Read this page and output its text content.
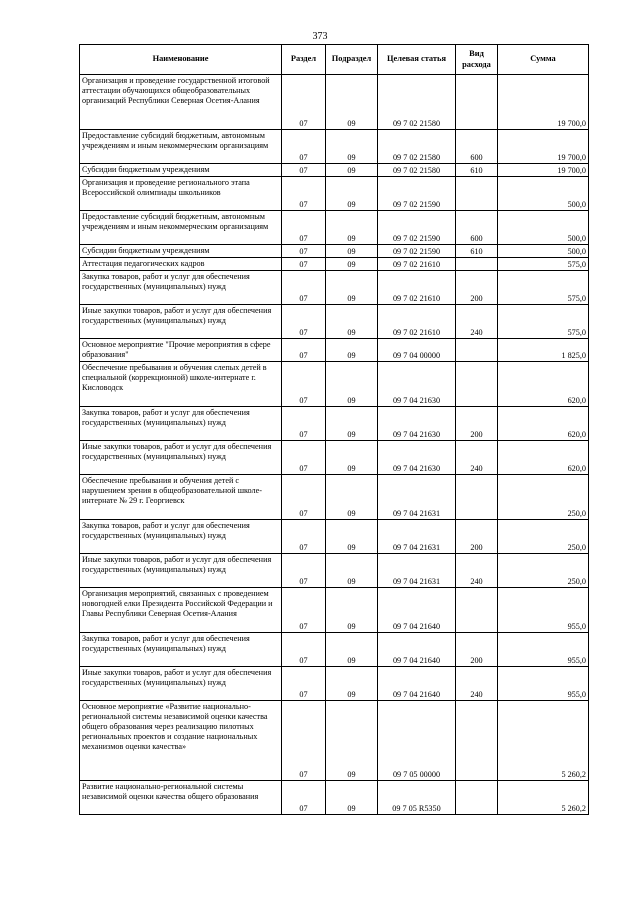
373
Наименование	Раздел	Подраздел	Целевая статья	Вид расхода	Сумма
Организация и проведение государственной итоговой аттестации обучающихся общеобразовательных организаций Республики Северная Осетия-Алания	07	09	09 7 02 21580		19 700,0
Предоставление субсидий бюджетным, автономным учреждениям и иным некоммерческим организациям	07	09	09 7 02 21580	600	19 700,0
Субсидии бюджетным учреждениям	07	09	09 7 02 21580	610	19 700,0
Организация и проведение регионального этапа Всероссийской олимпиады школьников	07	09	09 7 02 21590		500,0
Предоставление субсидий бюджетным, автономным учреждениям и иным некоммерческим организациям	07	09	09 7 02 21590	600	500,0
Субсидии бюджетным учреждениям	07	09	09 7 02 21590	610	500,0
Аттестация педагогических кадров	07	09	09 7 02 21610		575,0
Закупка товаров, работ и услуг для обеспечения государственных (муниципальных) нужд	07	09	09 7 02 21610	200	575,0
Иные закупки товаров, работ и услуг для обеспечения государственных (муниципальных) нужд	07	09	09 7 02 21610	240	575,0
Основное мероприятие "Прочие мероприятия в сфере образования"	07	09	09 7 04 00000		1 825,0
Обеспечение пребывания и обучения слепых детей в специальной (коррекционной) школе-интернате г. Кисловодск	07	09	09 7 04 21630		620,0
Закупка товаров, работ и услуг для обеспечения государственных (муниципальных) нужд	07	09	09 7 04 21630	200	620,0
Иные закупки товаров, работ и услуг для обеспечения государственных (муниципальных) нужд	07	09	09 7 04 21630	240	620,0
Обеспечение пребывания и обучения детей с нарушением зрения в общеобразовательной школе-интернате № 29 г. Георгиевск	07	09	09 7 04 21631		250,0
Закупка товаров, работ и услуг для обеспечения государственных (муниципальных) нужд	07	09	09 7 04 21631	200	250,0
Иные закупки товаров, работ и услуг для обеспечения государственных (муниципальных) нужд	07	09	09 7 04 21631	240	250,0
Организация мероприятий, связанных с проведением новогодней елки Президента Российской Федерации и Главы Республики Северная Осетия-Алания	07	09	09 7 04 21640		955,0
Закупка товаров, работ и услуг для обеспечения государственных (муниципальных) нужд	07	09	09 7 04 21640	200	955,0
Иные закупки товаров, работ и услуг для обеспечения государственных (муниципальных) нужд	07	09	09 7 04 21640	240	955,0
Основное мероприятие «Развитие национально-региональной системы независимой оценки качества общего образования через реализацию пилотных региональных проектов и создание национальных механизмов оценки качества»	07	09	09 7 05 00000		5 260,2
Развитие национально-региональной системы независимой оценки качества общего образования	07	09	09 7 05 R5350		5 260,2
